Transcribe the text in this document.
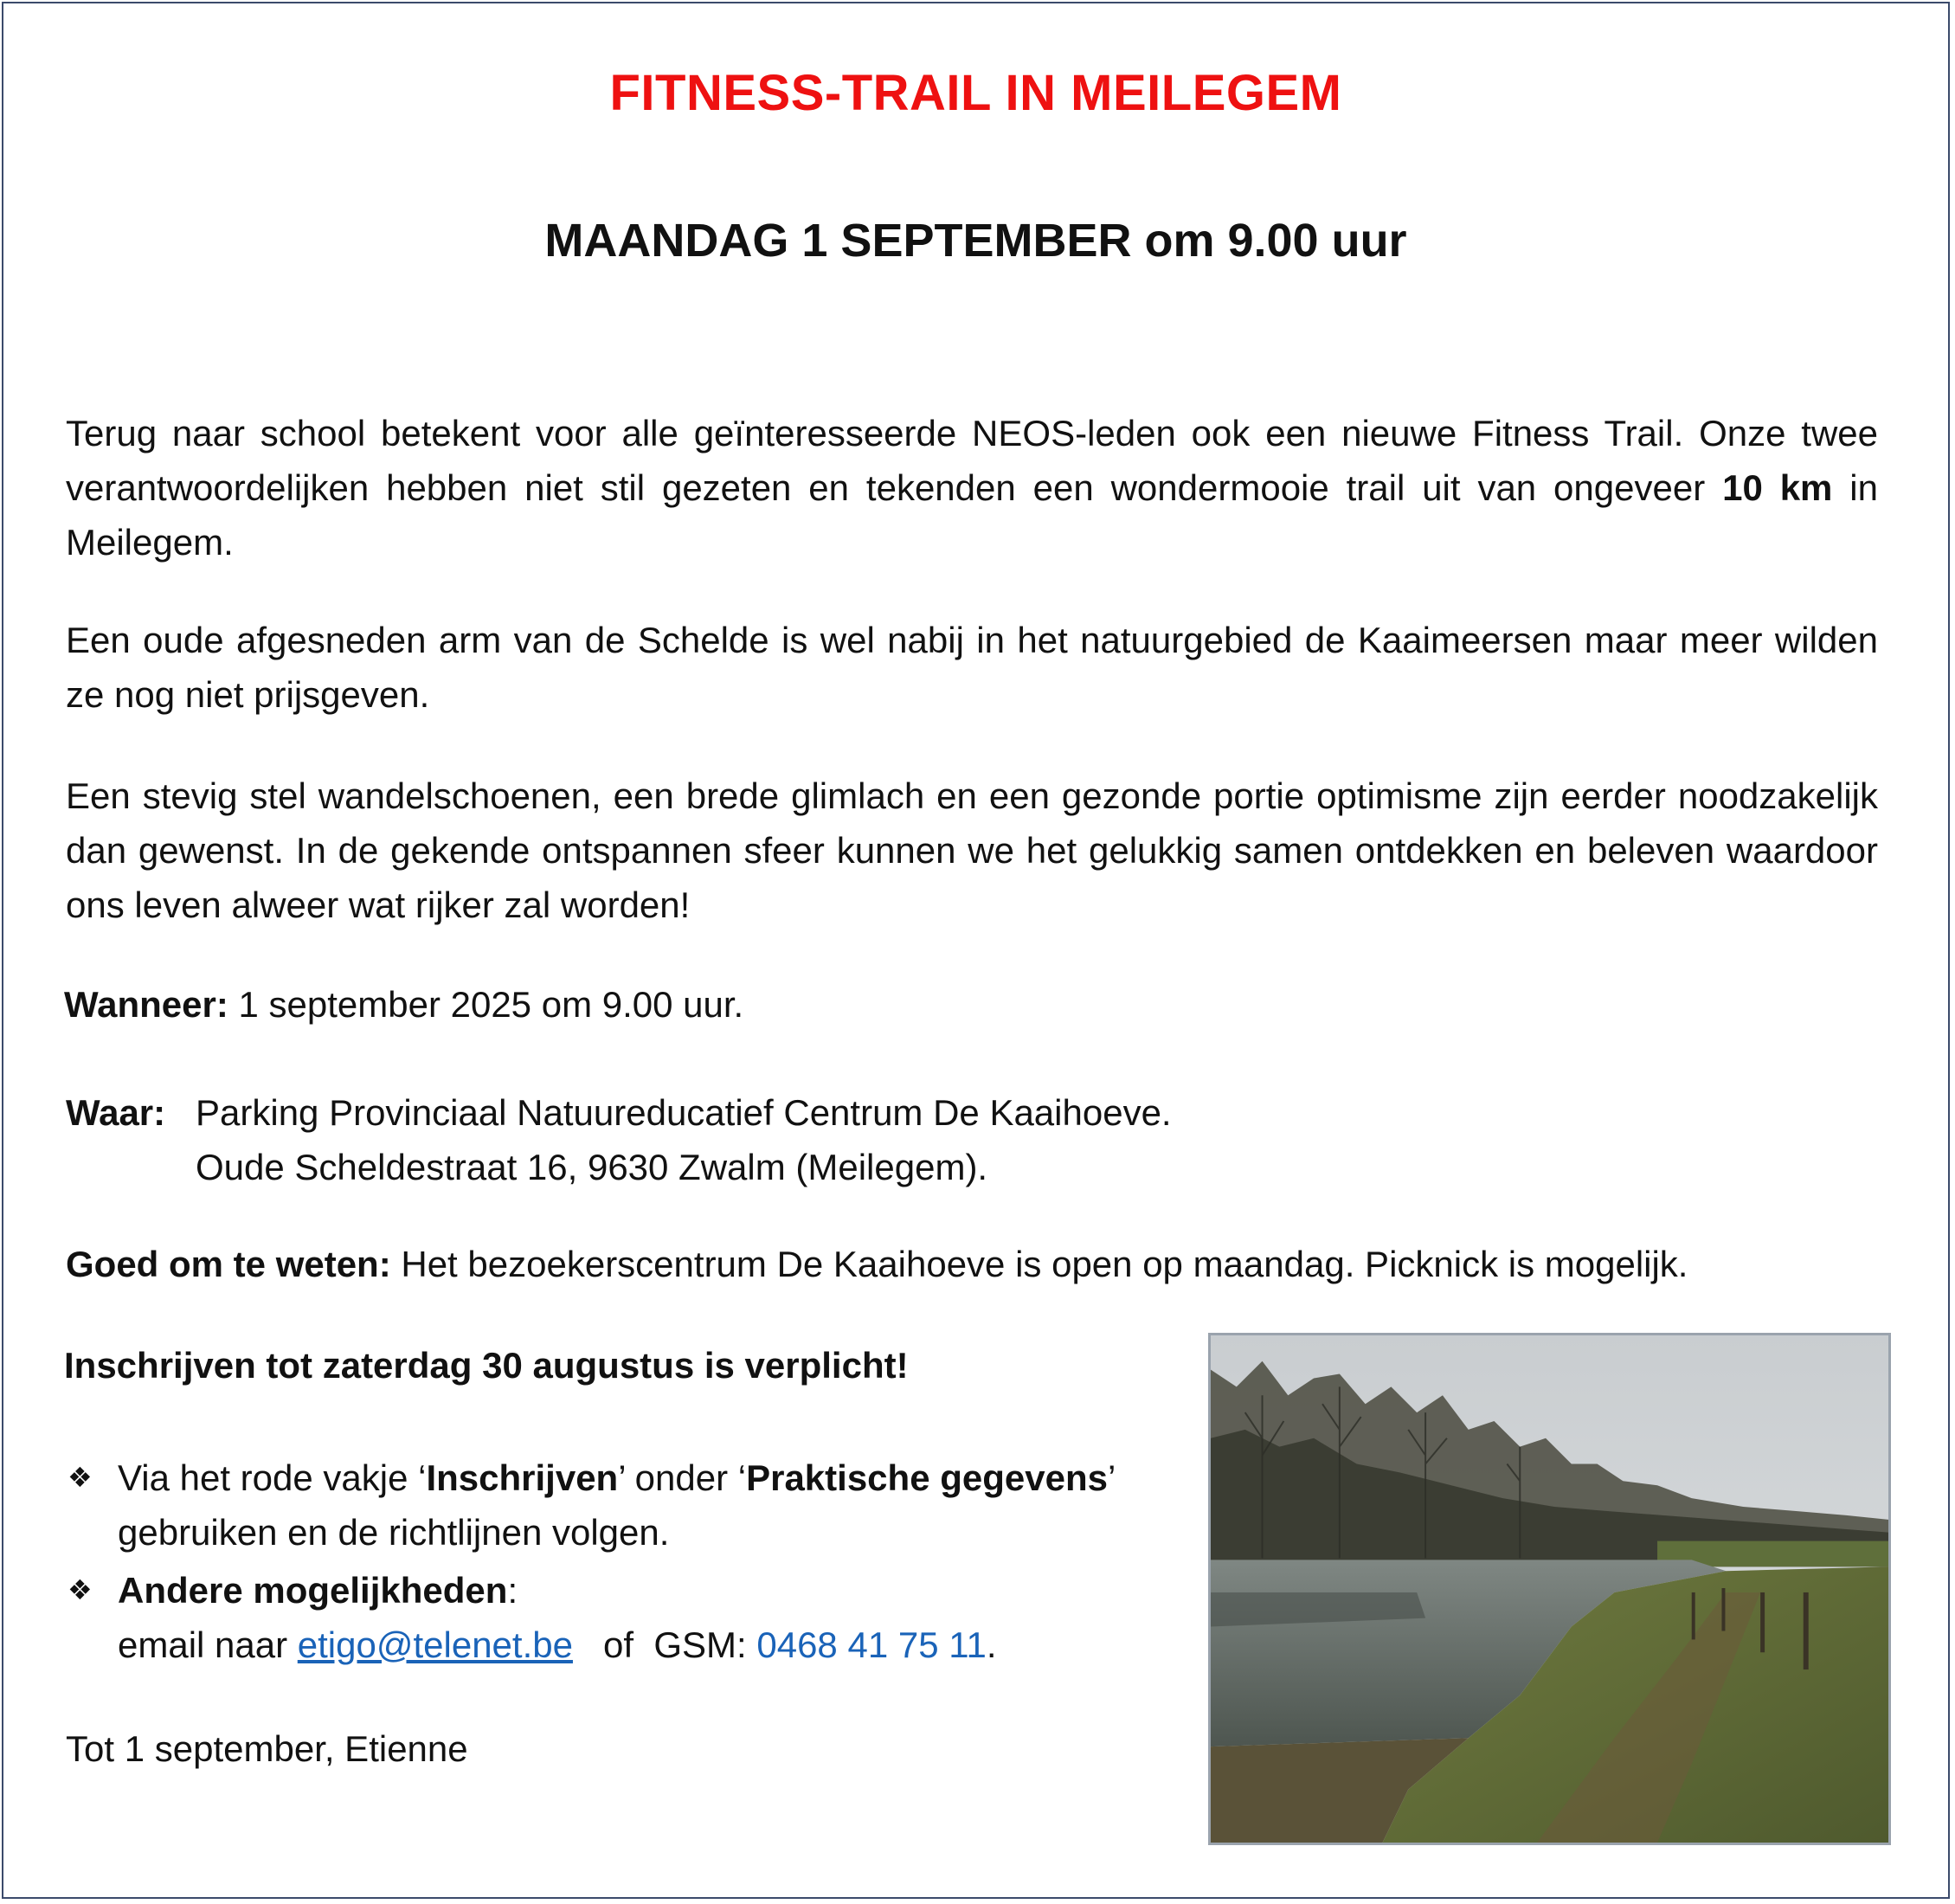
FITNESS-TRAIL IN MEILEGEM
MAANDAG 1 SEPTEMBER om 9.00 uur

Terug naar school betekent voor alle geïnteresseerde NEOS-leden ook een nieuwe Fitness Trail. Onze twee verantwoordelijken hebben niet stil gezeten en tekenden een wondermooie trail uit van ongeveer 10 km in Meilegem.

Een oude afgesneden arm van de Schelde is wel nabij in het natuurgebied de Kaaimeersen maar meer wilden ze nog niet prijsgeven.

Een stevig stel wandelschoenen, een brede glimlach en een gezonde portie optimisme zijn eerder noodzakelijk dan gewenst. In de gekende ontspannen sfeer kunnen we het gelukkig samen ontdekken en beleven waardoor ons leven alweer wat rijker zal worden!

Wanneer: 1 september 2025 om 9.00 uur.
Waar: Parking Provinciaal Natuureducatief Centrum De Kaaihoeve.
Oude Scheldestraat 16, 9630 Zwalm (Meilegem).
Goed om te weten: Het bezoekerscentrum De Kaaihoeve is open op maandag. Picknick is mogelijk.
Inschrijven tot zaterdag 30 augustus is verplicht!
❖ Via het rode vakje ‘Inschrijven’ onder ‘Praktische gegevens’
gebruiken en de richtlijnen volgen.
❖ Andere mogelijkheden:
email naar etigo@telenet.be   of  GSM: 0468 41 75 11.
Tot 1 september, Etienne
